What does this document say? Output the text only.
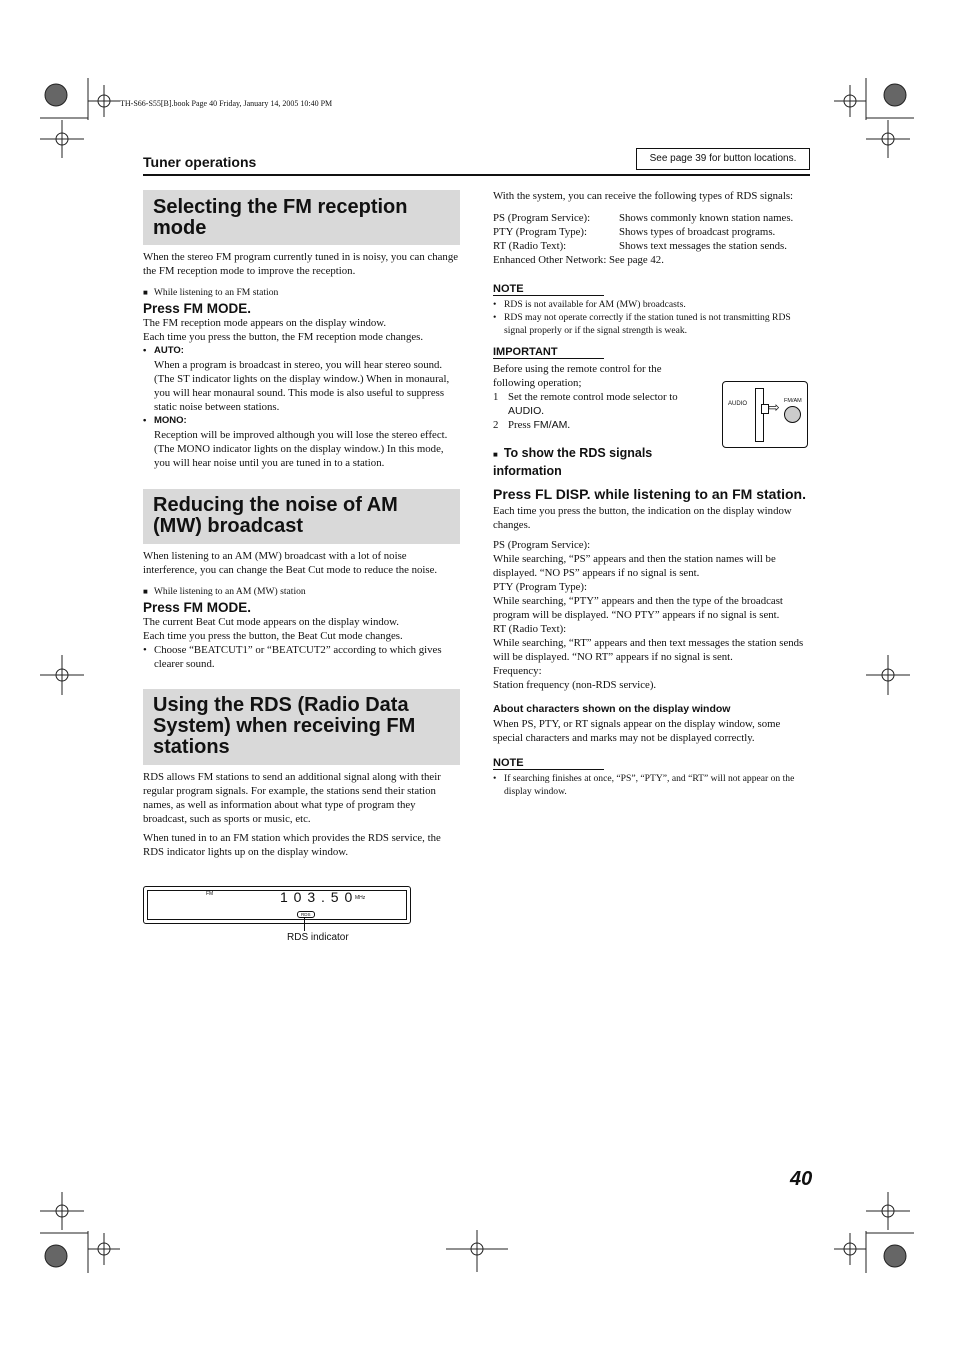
TH-S66-S55[B].book Page 40 Friday, January 14, 2005 10:40 PM
Tuner operations	See page 39 for button locations.
Selecting the FM reception mode

When the stereo FM program currently tuned in is noisy, you can change the FM reception mode to improve the reception.

■ While listening to an FM station

Press FM MODE.

The FM reception mode appears on the display window.

Each time you press the button, the FM reception mode changes.

• AUTO:

When a program is broadcast in stereo, you will hear stereo sound. (The ST indicator lights on the display window.) When in monaural, you will hear monaural sound. This mode is also useful to suppress static noise between stations.

• MONO:

Reception will be improved although you will lose the stereo effect. (The MONO indicator lights on the display window.) In this mode, you will hear noise until you are tuned in to a station.

Reducing the noise of AM (MW) broadcast

When listening to an AM (MW) broadcast with a lot of noise interference, you can change the Beat Cut mode to reduce the noise.

■ While listening to an AM (MW) station

Press FM MODE.

The current Beat Cut mode appears on the display window.

Each time you press the button, the Beat Cut mode changes.

• Choose “BEATCUT1” or “BEATCUT2” according to which gives clearer sound.

Using the RDS (Radio Data System) when receiving FM stations

RDS allows FM stations to send an additional signal along with their regular program signals. For example, the stations send their station names, as well as information about what type of program they broadcast, such as sports or music, etc.

When tuned in to an FM station which provides the RDS service, the RDS indicator lights up on the display window.

FM	1 0 3 . 5 0 MHz
RDS
RDS indicator

With the system, you can receive the following types of RDS signals:

PS (Program Service):	Shows commonly known station names.
PTY (Program Type):	Shows types of broadcast programs.
RT (Radio Text):	Shows text messages the station sends.

Enhanced Other Network: See page 42.

NOTE

• RDS is not available for AM (MW) broadcasts.

• RDS may not operate correctly if the station tuned is not transmitting RDS signal properly or if the signal strength is weak.

IMPORTANT

Before using the remote control for the following operation;

1 Set the remote control mode selector to
AUDIO.
2 Press FM/AM.

■ To show the RDS signals information

Press FL DISP. while listening to an FM station.

Each time you press the button, the indication on the display window changes.

PS (Program Service):

While searching, “PS” appears and then the station names will be displayed. “NO PS” appears if no signal is sent.

PTY (Program Type):

While searching, “PTY” appears and then the type of the broadcast program will be displayed. “NO PTY” appears if no signal is sent.

RT (Radio Text):

While searching, “RT” appears and then text messages the station sends will be displayed. “NO RT” appears if no signal is sent.

Frequency:

Station frequency (non-RDS service).

About characters shown on the display window

When PS, PTY, or RT signals appear on the display window, some special characters and marks may not be displayed correctly.

NOTE

• If searching finishes at once, “PS”, “PTY”, and “RT” will not appear on the display window.

AUDIO ⇨ FM/AM
40
